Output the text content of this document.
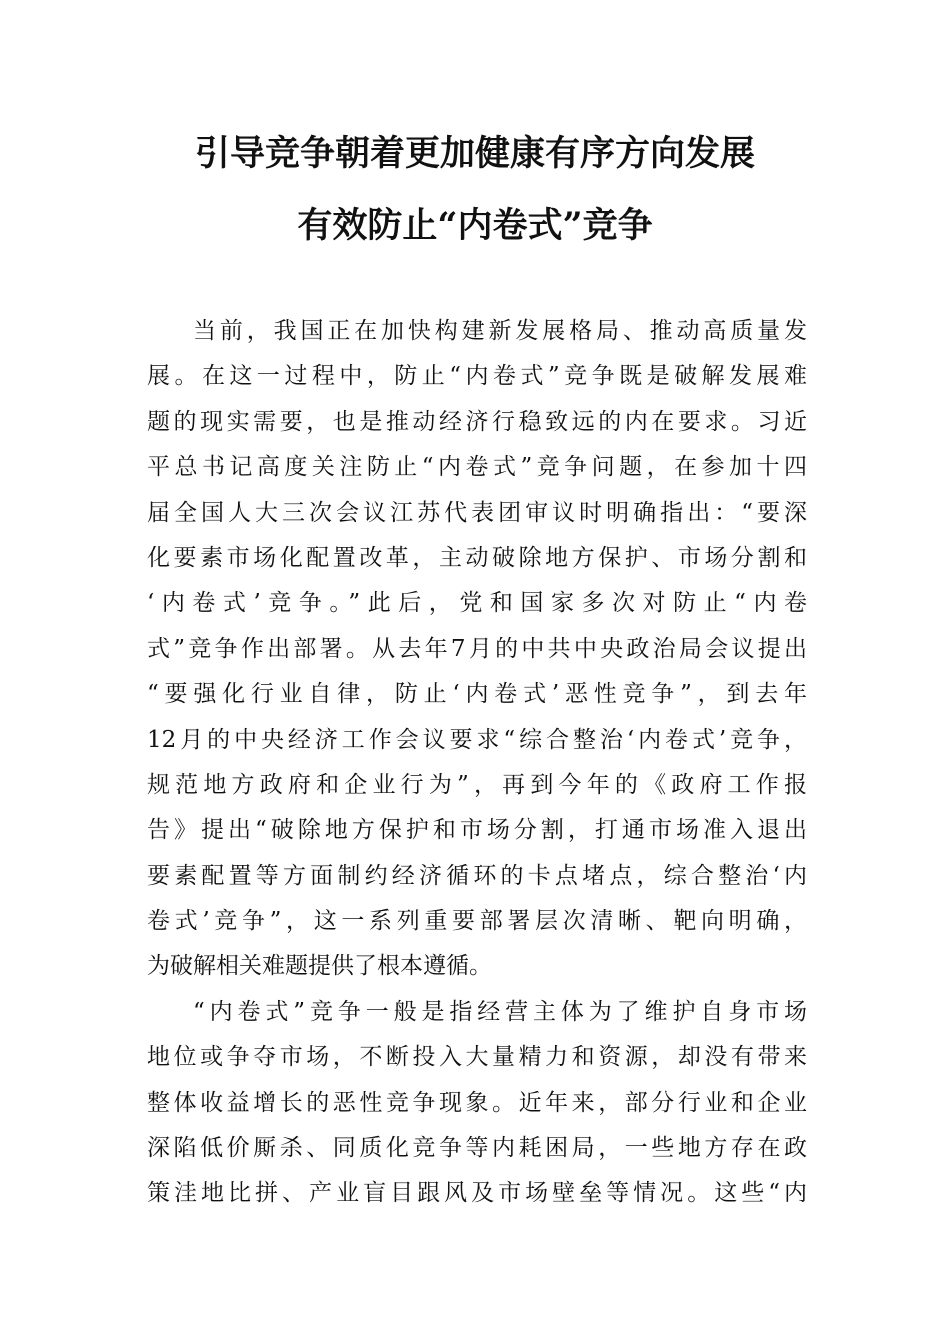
引导竞争朝着更加健康有序方向发展
有效防止“内卷式”竞争
当前，我国正在加快构建新发展格局、推动高质量发
展。在这一过程中，防止“内卷式”竞争既是破解发展难
题的现实需要，也是推动经济行稳致远的内在要求。习近
平总书记高度关注防止“内卷式”竞争问题，在参加十四
届全国人大三次会议江苏代表团审议时明确指出：“要深
化要素市场化配置改革，主动破除地方保护、市场分割和
‘内卷式’竞争。”此后，党和国家多次对防止“内卷
式”竞争作出部署。从去年7月的中共中央政治局会议提出
“要强化行业自律，防止‘内卷式’恶性竞争”，到去年
12月的中央经济工作会议要求“综合整治‘内卷式’竞争，
规范地方政府和企业行为”，再到今年的《政府工作报
告》提出“破除地方保护和市场分割，打通市场准入退出
要素配置等方面制约经济循环的卡点堵点，综合整治‘内
卷式’竞争”，这一系列重要部署层次清晰、靶向明确，
为破解相关难题提供了根本遵循。
“内卷式”竞争一般是指经营主体为了维护自身市场
地位或争夺市场，不断投入大量精力和资源，却没有带来
整体收益增长的恶性竞争现象。近年来，部分行业和企业
深陷低价厮杀、同质化竞争等内耗困局，一些地方存在政
策洼地比拼、产业盲目跟风及市场壁垒等情况。这些“内
